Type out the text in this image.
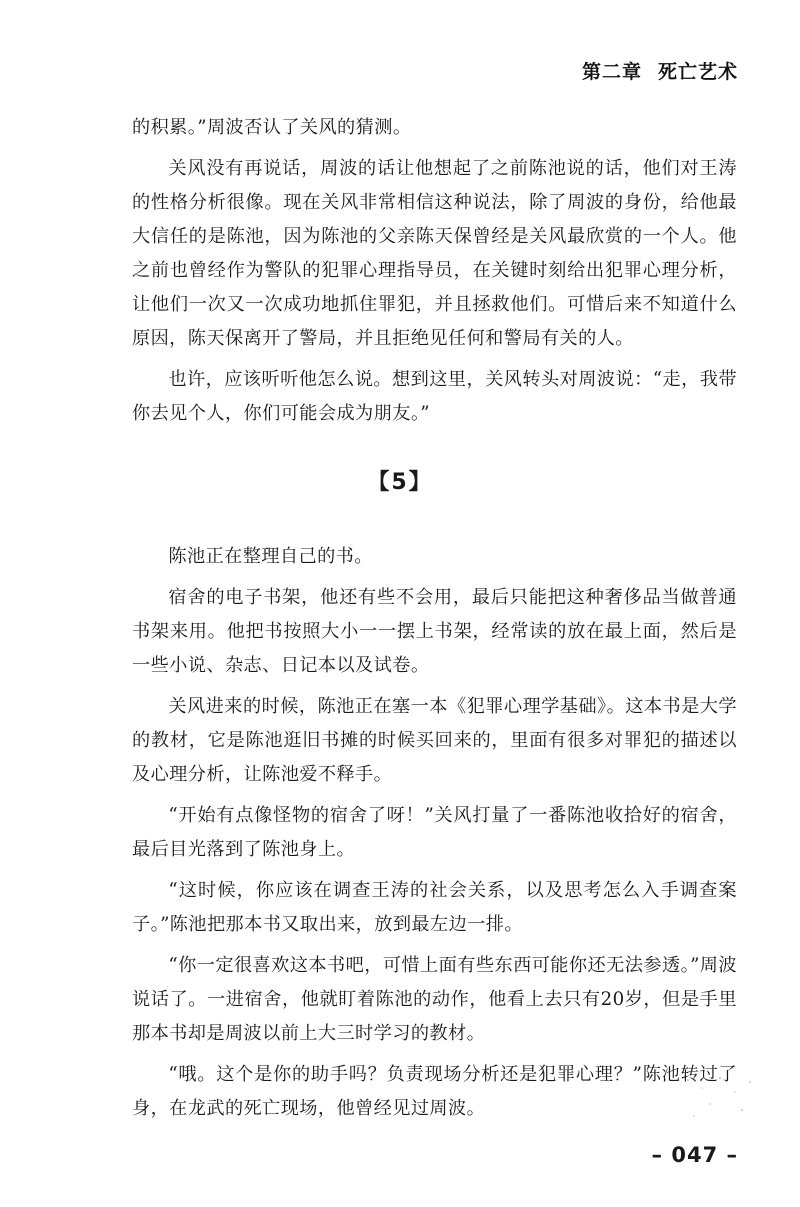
第二章 死亡艺术

的积累。”周波否认了关风的猜测。

关风没有再说话，周波的话让他想起了之前陈池说的话，他们对王涛的性格分析很像。现在关风非常相信这种说法，除了周波的身份，给他最大信任的是陈池，因为陈池的父亲陈天保曾经是关风最欣赏的一个人。他之前也曾经作为警队的犯罪心理指导员，在关键时刻给出犯罪心理分析，让他们一次又一次成功地抓住罪犯，并且拯救他们。可惜后来不知道什么原因，陈天保离开了警局，并且拒绝见任何和警局有关的人。

也许，应该听听他怎么说。想到这里，关风转头对周波说：“走，我带你去见个人，你们可能会成为朋友。”

【5】

陈池正在整理自己的书。

宿舍的电子书架，他还有些不会用，最后只能把这种奢侈品当做普通书架来用。他把书按照大小一一摆上书架，经常读的放在最上面，然后是一些小说、杂志、日记本以及试卷。

关风进来的时候，陈池正在塞一本《犯罪心理学基础》。这本书是大学的教材，它是陈池逛旧书摊的时候买回来的，里面有很多对罪犯的描述以及心理分析，让陈池爱不释手。

“开始有点像怪物的宿舍了呀！”关风打量了一番陈池收拾好的宿舍，最后目光落到了陈池身上。

“这时候，你应该在调查王涛的社会关系，以及思考怎么入手调查案子。”陈池把那本书又取出来，放到最左边一排。

“你一定很喜欢这本书吧，可惜上面有些东西可能你还无法参透。”周波说话了。一进宿舍，他就盯着陈池的动作，他看上去只有20岁，但是手里那本书却是周波以前上大三时学习的教材。

“哦。这个是你的助手吗？负责现场分析还是犯罪心理？”陈池转过了身，在龙武的死亡现场，他曾经见过周波。

– 047 –
